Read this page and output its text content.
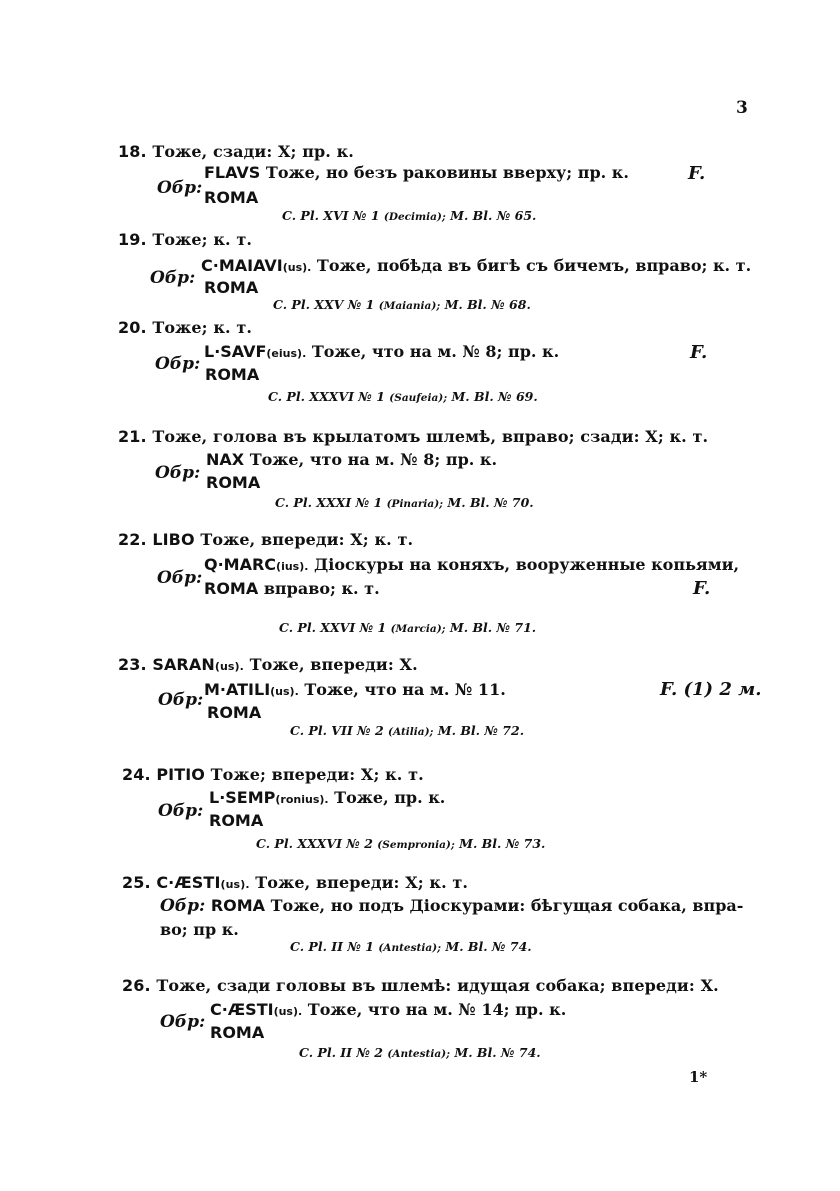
3
18. Тоже, сзади: X; пр. к.
Обр:
FLAVS Тоже, но безъ раковины вверху; пр. к.
ROMA
F.
C. Pl. XVI № 1 (Decimia); M. Bl. № 65.
19. Тоже; к. т.
Обр:
C·MAIAVI(us). Тоже, побѣда въ бигѣ съ бичемъ, вправо; к. т.
ROMA
C. Pl. XXV № 1 (Maiania); M. Bl. № 68.
20. Тоже; к. т.
Обр:
L·SAVF(eius). Тоже, что на м. № 8; пр. к.
ROMA
F.
C. Pl. XXXVI № 1 (Saufeia); M. Bl. № 69.
21. Тоже, голова въ крылатомъ шлемѣ, вправо; сзади: X; к. т.
Обр:
NAX Тоже, что на м. № 8; пр. к.
ROMA
C. Pl. XXXI № 1 (Pinaria); M. Bl. № 70.
22. LIBO Тоже, впереди: X; к. т.
Обр:
Q·MARC(ius). Діоскуры на коняхъ, вооруженные копьями,
ROMA вправо; к. т.	F.
C. Pl. XXVI № 1 (Marcia); M. Bl. № 71.
23. SARAN(us). Тоже, впереди: X.
Обр:
M·ATILI(us). Тоже, что на м. № 11.
ROMA
F. (1) 2 м.
C. Pl. VII № 2 (Atilia); M. Bl. № 72.
24. PITIO Тоже; впереди: X; к. т.
Обр:
L·SEMP(ronius). Тоже, пр. к.
ROMA
C. Pl. XXXVI № 2 (Sempronia); M. Bl. № 73.
25. C·ÆSTI(us). Тоже, впереди: X; к. т.
Обр: ROMA Тоже, но подъ Діоскурами: бѣгущая собака, впра-
во; пр к.
C. Pl. II № 1 (Antestia); M. Bl. № 74.
26. Тоже, сзади головы въ шлемѣ: идущая собака; впереди: X.
Обр:
C·ÆSTI(us). Тоже, что на м. № 14; пр. к.
ROMA
C. Pl. II № 2 (Antestia); M. Bl. № 74.
1*
